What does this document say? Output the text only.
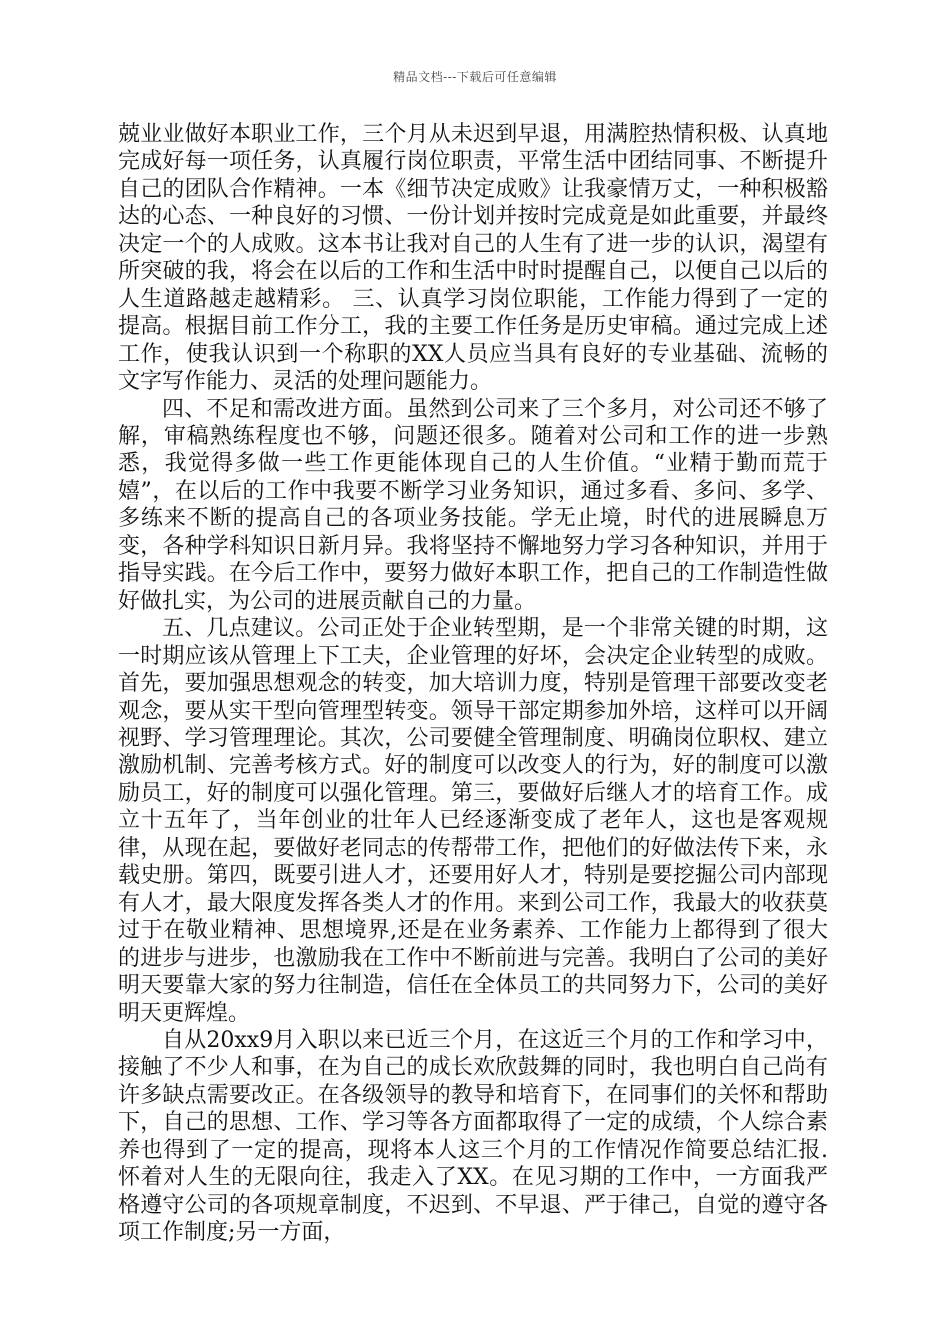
精品文档---下载后可任意编辑

兢业业做好本职业工作，三个月从未迟到早退，用满腔热情积极、认真地完成好每一项任务，认真履行岗位职责，平常生活中团结同事、不断提升自己的团队合作精神。一本《细节决定成败》让我豪情万丈，一种积极豁达的心态、一种良好的习惯、一份计划并按时完成竟是如此重要，并最终决定一个的人成败。这本书让我对自己的人生有了进一步的认识，渴望有所突破的我，将会在以后的工作和生活中时时提醒自己，以便自己以后的人生道路越走越精彩。 三、认真学习岗位职能，工作能力得到了一定的提高。根据目前工作分工，我的主要工作任务是历史审稿。通过完成上述工作，使我认识到一个称职的XX人员应当具有良好的专业基础、流畅的文字写作能力、灵活的处理问题能力。

四、不足和需改进方面。虽然到公司来了三个多月，对公司还不够了解，审稿熟练程度也不够，问题还很多。随着对公司和工作的进一步熟悉，我觉得多做一些工作更能体现自己的人生价值。“业精于勤而荒于嬉”，在以后的工作中我要不断学习业务知识，通过多看、多问、多学、多练来不断的提高自己的各项业务技能。学无止境，时代的进展瞬息万变，各种学科知识日新月异。我将坚持不懈地努力学习各种知识，并用于指导实践。在今后工作中，要努力做好本职工作，把自己的工作制造性做好做扎实，为公司的进展贡献自己的力量。

五、几点建议。公司正处于企业转型期，是一个非常关键的时期，这一时期应该从管理上下工夫，企业管理的好坏，会决定企业转型的成败。首先，要加强思想观念的转变，加大培训力度，特别是管理干部要改变老观念，要从实干型向管理型转变。领导干部定期参加外培，这样可以开阔视野、学习管理理论。其次，公司要健全管理制度、明确岗位职权、建立激励机制、完善考核方式。好的制度可以改变人的行为，好的制度可以激励员工，好的制度可以强化管理。第三，要做好后继人才的培育工作。成立十五年了，当年创业的壮年人已经逐渐变成了老年人，这也是客观规律，从现在起，要做好老同志的传帮带工作，把他们的好做法传下来，永载史册。第四，既要引进人才，还要用好人才，特别是要挖掘公司内部现有人才，最大限度发挥各类人才的作用。来到公司工作，我最大的收获莫过于在敬业精神、思想境界,还是在业务素养、工作能力上都得到了很大的进步与进步，也激励我在工作中不断前进与完善。我明白了公司的美好明天要靠大家的努力往制造，信任在全体员工的共同努力下，公司的美好明天更辉煌。

自从20xx9月入职以来已近三个月，在这近三个月的工作和学习中，接触了不少人和事，在为自己的成长欢欣鼓舞的同时，我也明白自己尚有许多缺点需要改正。在各级领导的教导和培育下，在同事们的关怀和帮助下，自己的思想、工作、学习等各方面都取得了一定的成绩，个人综合素养也得到了一定的提高，现将本人这三个月的工作情况作简要总结汇报.怀着对人生的无限向往，我走入了XX。在见习期的工作中，一方面我严格遵守公司的各项规章制度，不迟到、不早退、严于律己，自觉的遵守各项工作制度;另一方面，
